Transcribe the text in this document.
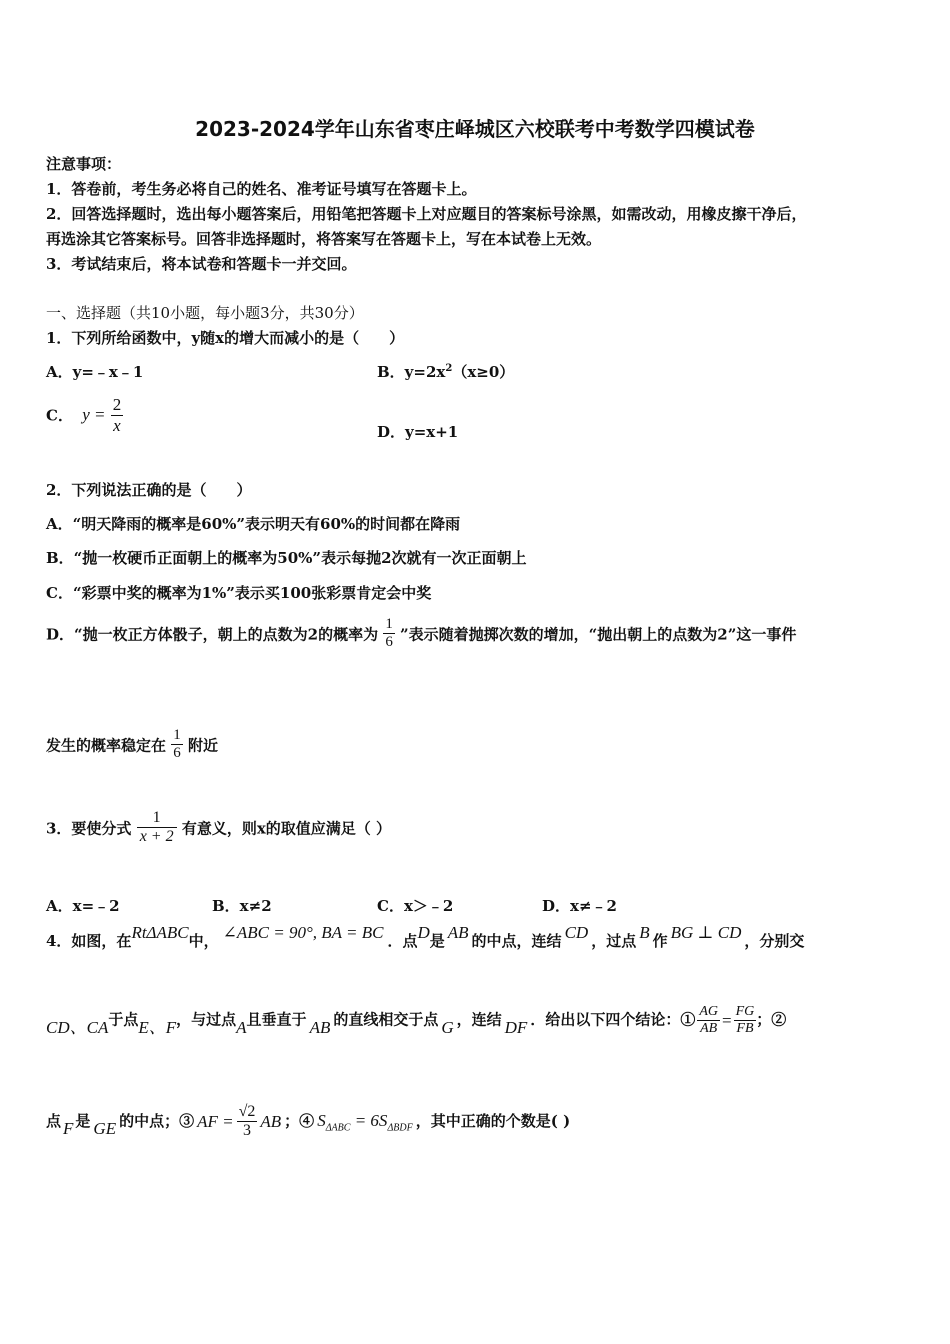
2023-2024学年山东省枣庄峄城区六校联考中考数学四模试卷
注意事项：
1．答卷前，考生务必将自己的姓名、准考证号填写在答题卡上。
2．回答选择题时，选出每小题答案后，用铅笔把答题卡上对应题目的答案标号涂黑，如需改动，用橡皮擦干净后，
再选涂其它答案标号。回答非选择题时，将答案写在答题卡上，写在本试卷上无效。
3．考试结束后，将本试卷和答题卡一并交回。
一、选择题（共10小题，每小题3分，共30分）
1．下列所给函数中，y随x的增大而减小的是（　　）
A．y=﹣x﹣1	B．$y=2x^2(x\ge 0)$
C． $y = \frac{2}{x}$	D．y=x+1
2．下列说法正确的是（　　）
A．“明天降雨的概率是60%”表示明天有60%的时间都在降雨
B．“抛一枚硬币正面朝上的概率为50%”表示每抛2次就有一次正面朝上
C．“彩票中奖的概率为1%”表示买100张彩票肯定会中奖
D．“抛一枚正方体骰子，朝上的点数为2的概率为 $\frac{1}{6}$ ”表示随着抛掷次数的增加，“抛出朝上的点数为2”这一事件
发生的概率稳定在 $\frac{1}{6}$ 附近
3．要使分式 $\frac{1}{x + 2}$ 有意义，则x的取值应满足（ ）
A．x=﹣2	B．x≠2	C．x＞﹣2	D．x≠﹣2
4．如图，在RtΔABC中， ∠ABC = 90°, BA = BC ．点D是 AB 的中点，连结 CD ，过点 B 作 BG ⊥ CD ，分别交
CD、CA于点E、F，与过点A且垂直于 AB 的直线相交于点 G ，连结 DF ．给出以下四个结论：① $\frac{AG}{AB} = \frac{FG}{FB}$ ；②
点 F 是 GE 的中点；③ AF = $\frac{√2}{3}$ AB ；④ $S_{\Delta ABC} = 6S_{\Delta BDF}$ ，其中正确的个数是( )
